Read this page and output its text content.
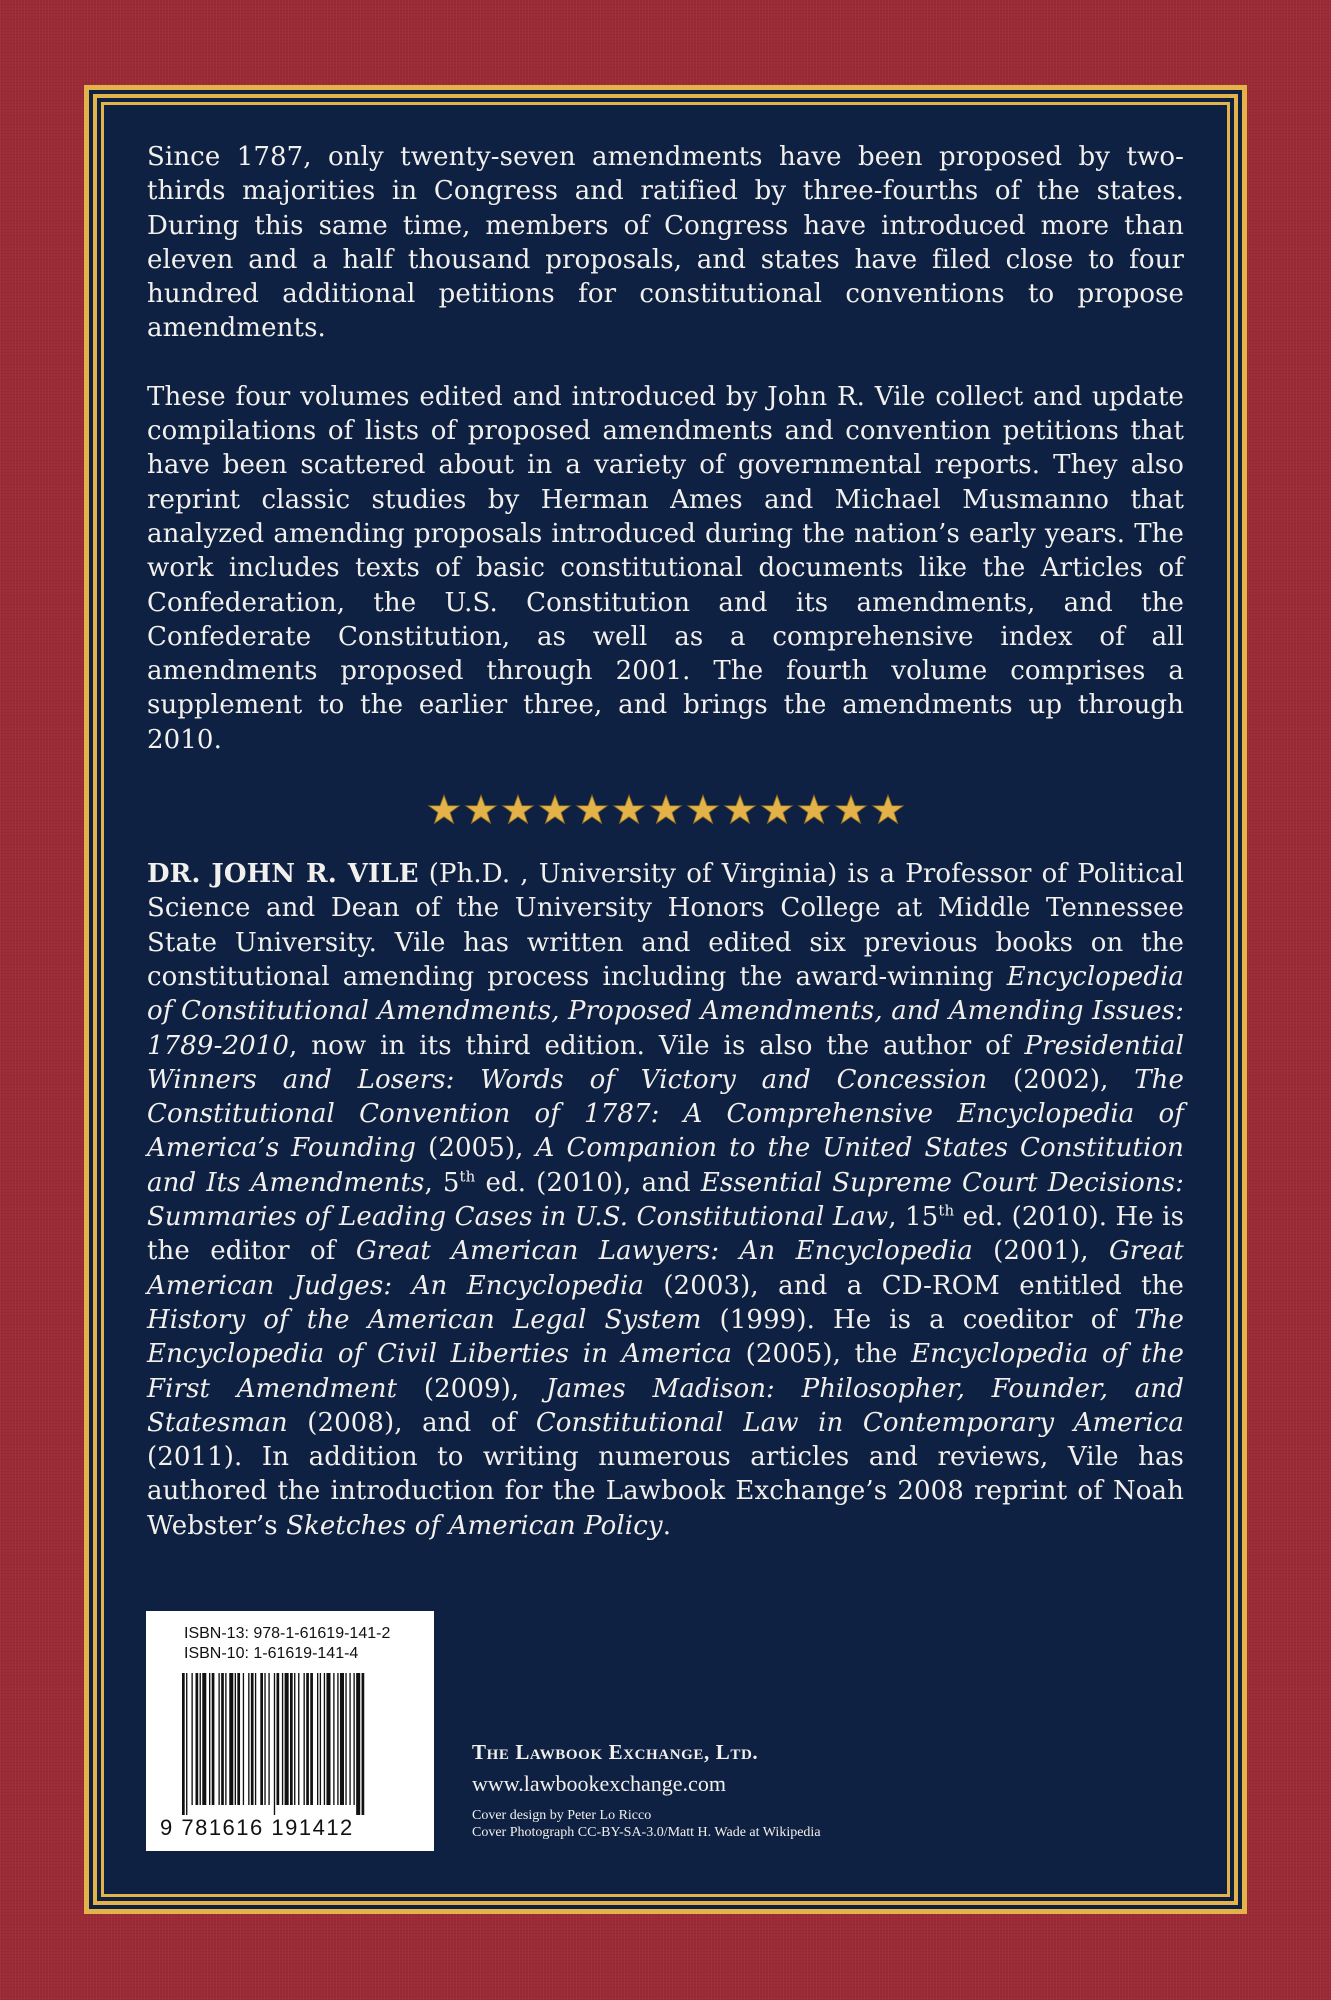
Since 1787, only twenty-seven amendments have been proposed by two-thirds majorities in Congress and ratified by three-fourths of the states. During this same time, members of Congress have introduced more than eleven and a half thousand proposals, and states have filed close to four hundred additional petitions for constitutional conventions to propose amendments.

These four volumes edited and introduced by John R. Vile collect and update compilations of lists of proposed amendments and convention petitions that have been scattered about in a variety of governmental reports. They also reprint classic studies by Herman Ames and Michael Musmanno that analyzed amending proposals introduced during the nation’s early years. The work includes texts of basic constitutional documents like the Articles of Confederation, the U.S. Constitution and its amendments, and the Confederate Constitution, as well as a comprehensive index of all amendments proposed through 2001. The fourth volume comprises a supplement to the earlier three, and brings the amendments up through 2010.

DR. JOHN R. VILE (Ph.D. , University of Virginia) is a Professor of Political Science and Dean of the University Honors College at Middle Tennessee State University. Vile has written and edited six previous books on the constitutional amending process including the award-winning Encyclopedia of Constitutional Amendments, Proposed Amendments, and Amending Issues: 1789-2010, now in its third edition. Vile is also the author of Presidential Winners and Losers: Words of Victory and Concession (2002), The Constitutional Convention of 1787: A Comprehensive Encyclopedia of America’s Founding (2005), A Companion to the United States Constitution and Its Amendments, 5th ed. (2010), and Essential Supreme Court Decisions: Summaries of Leading Cases in U.S. Constitutional Law, 15th ed. (2010). He is the editor of Great American Lawyers: An Encyclopedia (2001), Great American Judges: An Encyclopedia (2003), and a CD-ROM entitled the History of the American Legal System (1999). He is a coeditor of The Encyclopedia of Civil Liberties in America (2005), the Encyclopedia of the First Amendment (2009), James Madison: Philosopher, Founder, and Statesman (2008), and of Constitutional Law in Contemporary America (2011). In addition to writing numerous articles and reviews, Vile has authored the introduction for the Lawbook Exchange’s 2008 reprint of Noah Webster’s Sketches of American Policy.

ISBN-13: 978-1-61619-141-2
ISBN-10: 1-61619-141-4
9 781616 191412
The Lawbook Exchange, Ltd.
www.lawbookexchange.com
Cover design by Peter Lo Ricco
Cover Photograph CC-BY-SA-3.0/Matt H. Wade at Wikipedia
